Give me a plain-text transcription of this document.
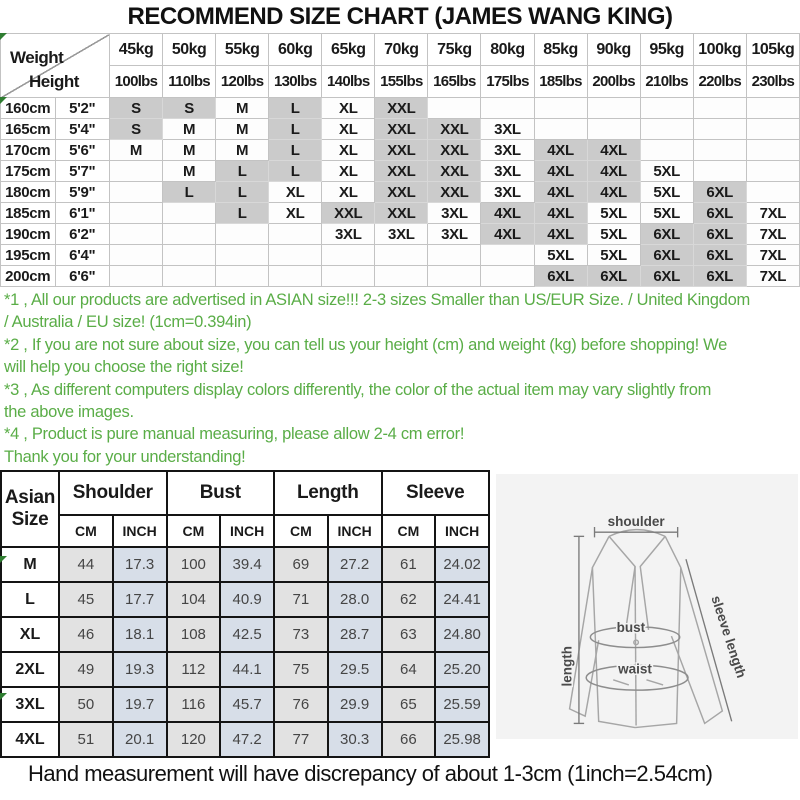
RECOMMEND SIZE CHART (JAMES WANG KING)
Weight
Height		45kg	50kg	55kg	60kg	65kg	70kg	75kg	80kg	85kg	90kg	95kg	100kg	105kg
		100lbs	110lbs	120lbs	130lbs	140lbs	155lbs	165lbs	175lbs	185lbs	200lbs	210lbs	220lbs	230lbs
160cm	5'2"	S	S	M	L	XL	XXL							
165cm	5'4"	S	M	M	L	XL	XXL	XXL	3XL					
170cm	5'6"	M	M	M	L	XL	XXL	XXL	3XL	4XL	4XL			
175cm	5'7"		M	L	L	XL	XXL	XXL	3XL	4XL	4XL	5XL		
180cm	5'9"		L	L	XL	XL	XXL	XXL	3XL	4XL	4XL	5XL	6XL	
185cm	6'1"			L	XL	XXL	XXL	3XL	4XL	4XL	5XL	5XL	6XL	7XL
190cm	6'2"					3XL	3XL	3XL	4XL	4XL	5XL	6XL	6XL	7XL
195cm	6'4"									5XL	5XL	6XL	6XL	7XL
200cm	6'6"									6XL	6XL	6XL	6XL	7XL
*1 , All our products are advertised in ASIAN size!!! 2-3 sizes Smaller than US/EUR Size. / United Kingdom
/ Australia / EU size! (1cm=0.394in)
*2 , If you are not sure about size, you can tell us your height (cm) and weight (kg) before shopping! We
will help you choose the right size!
*3 , As different computers display colors differently, the color of the actual item may vary slightly from
the above images.
*4 , Product is pure manual measuring, please allow 2-4 cm error!
Thank you for your understanding!
Asian
Size	Shoulder		Bust		Length		Sleeve	
	CM	INCH	CM	INCH	CM	INCH	CM	INCH
M	44	17.3	100	39.4	69	27.2	61	24.02
L	45	17.7	104	40.9	71	28.0	62	24.41
XL	46	18.1	108	42.5	73	28.7	63	24.80
2XL	49	19.3	112	44.1	75	29.5	64	25.20
3XL	50	19.7	116	45.7	76	29.9	65	25.59
4XL	51	20.1	120	47.2	77	30.3	66	25.98
shoulder
length
bust
waist	sleeve length
Hand measurement will have discrepancy of about 1-3cm (1inch=2.54cm)
